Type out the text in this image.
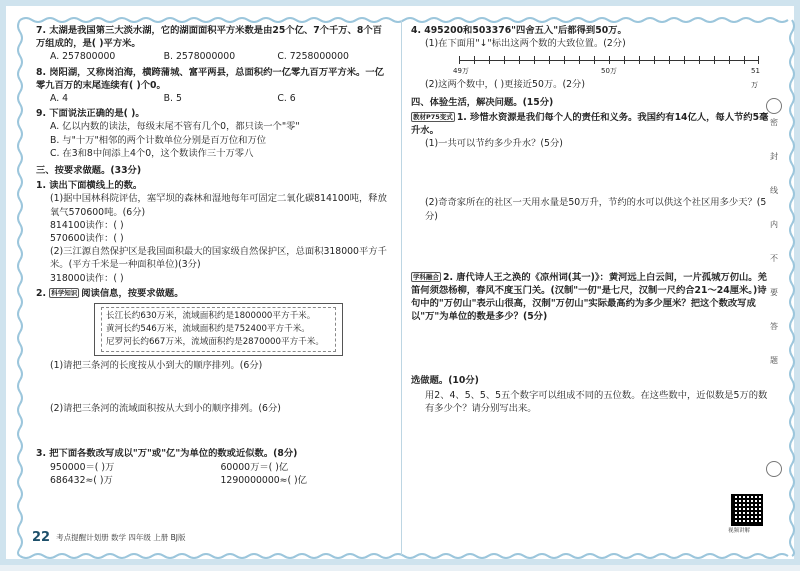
7. 太湖是我国第三大淡水湖，它的湖面面积平方米数是由25个亿、7个千万、8个百万组成的，是( )平方米。
A. 257800000	B. 2578000000	C. 7258000000
8. 岗阳湖，又称岗泊海，横跨蒲城、富平两县，总面积约一亿零九百万平方米。一亿零九百万的末尾连续有( )个0。
A. 4	B. 5	C. 6
9. 下面说法正确的是( )。
A. 亿以内数的读法，每级末尾不管有几个0，都只读一个"零"
B. 与"十万"相邻的两个计数单位分别是百万位和万位
C. 在3和8中间添上4个0，这个数读作三十万零八
三、按要求做题。(33分)
1. 读出下面横线上的数。
(1)据中国林科院评估，塞罕坝的森林和湿地每年可固定二氧化碳814100吨，释放氧气570600吨。(6分)
814100读作：( )
570600读作：( )
(2)三江源自然保护区是我国面积最大的国家级自然保护区，总面积318000平方千米。(平方千米是一种面积单位)(3分)
318000读作：( )
2. 科学知识 阅读信息，按要求做题。
长江长约630万米，流域面积约是1800000平方千米。
黄河长约546万米，流域面积约是752400平方千米。
尼罗河长约667万米，流域面积约是2870000平方千米。
(1)请把三条河的长度按从小到大的顺序排列。(6分)
(2)请把三条河的流域面积按从大到小的顺序排列。(6分)
3. 把下面各数改写成以"万"或"亿"为单位的数或近似数。(8分)
950000＝( )万	60000万＝( )亿
686432≈( )万	1290000000≈( )亿
22 考点提醒计划册 数学 四年级 上册 BJ版
4. 495200和503376"四舍五入"后都得到50万。
(1)在下面用"↓"标出这两个数的大致位置。(2分)
49万	50万	51万
(2)这两个数中，( )更接近50万。(2分)
四、体验生活，解决问题。(15分)
教材P75变式 1. 珍惜水资源是我们每个人的责任和义务。我国约有14亿人，每人节约5毫升水。
(1)一共可以节约多少升水？(5分)
(2)奇奇家所在的社区一天用水量是50万升，节约的水可以供这个社区用多少天？(5分)
学科融合 2. 唐代诗人王之涣的《凉州词(其一)》：黄河远上白云间，一片孤城万仞山。羌笛何须怨杨柳，春风不度玉门关。(汉制"一仞"是七尺，汉制一尺约合21～24厘米。)诗句中的"万仞山"表示山很高，汉制"万仞山"实际最高约为多少厘米？把这个数改写成以"万"为单位的数是多少？(5分)
选做题。(10分)
用2、4、5、5、5五个数字可以组成不同的五位数。在这些数中，近似数是5万的数有多少个？请分别写出来。
视频讲解
密
封
线
内
不
要
答
题
